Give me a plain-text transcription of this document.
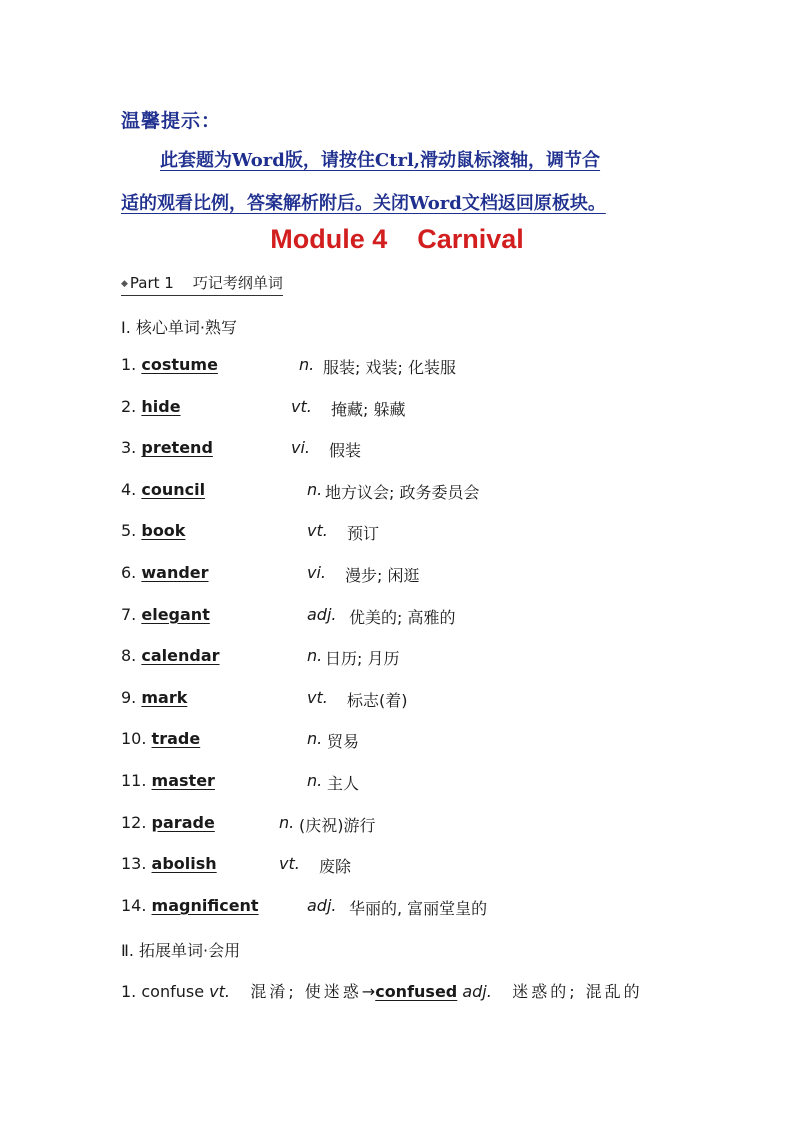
温馨提示：
此套题为Word版，请按住Ctrl,滑动鼠标滚轴，调节合
适的观看比例，答案解析附后。关闭Word文档返回原板块。
Module 4    Carnival
◆ Part 1    巧记考纲单词
Ⅰ. 核心单词·熟写
1. costume	n. 服装; 戏装; 化装服
2. hide	vt. 掩藏; 躲藏
3. pretend	vi. 假装
4. council	n. 地方议会; 政务委员会
5. book	vt. 预订
6. wander	vi. 漫步; 闲逛
7. elegant	adj. 优美的; 高雅的
8. calendar	n. 日历; 月历
9. mark	vt. 标志(着)
10. trade	n. 贸易
11. master	n. 主人
12. parade	n. (庆祝)游行
13. abolish	vt. 废除
14. magnificent	adj. 华丽的, 富丽堂皇的
Ⅱ. 拓展单词·会用
1. confuse vt. 混淆; 使迷惑→confused adj. 迷惑的; 混乱的
